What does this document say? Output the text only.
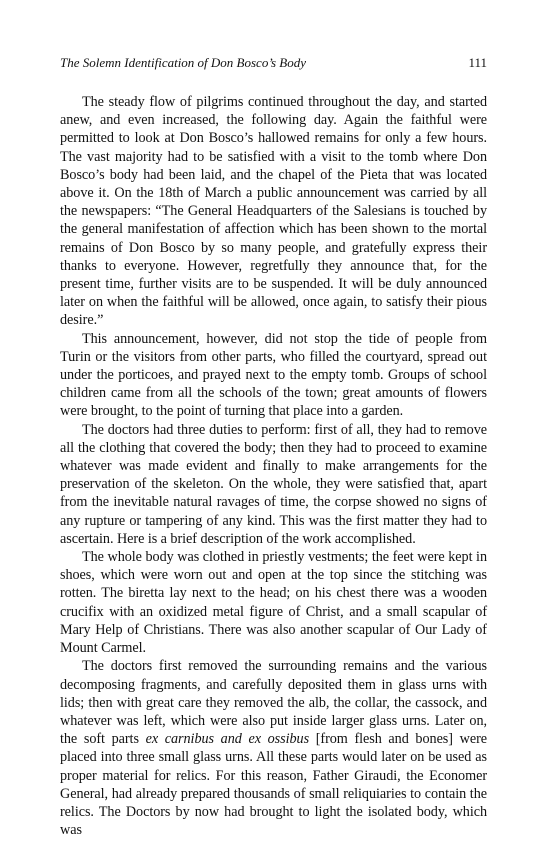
The Solemn Identification of Don Bosco’s Body	111

The steady flow of pilgrims continued throughout the day, and started anew, and even increased, the following day. Again the faithful were permitted to look at Don Bosco’s hallowed remains for only a few hours. The vast majority had to be satisfied with a visit to the tomb where Don Bosco’s body had been laid, and the chapel of the Pieta that was located above it. On the 18th of March a public announcement was carried by all the newspapers: “The General Headquarters of the Salesians is touched by the general manifestation of affection which has been shown to the mortal remains of Don Bosco by so many people, and gratefully express their thanks to everyone. However, regretfully they announce that, for the present time, further visits are to be suspended. It will be duly announced later on when the faithful will be allowed, once again, to satisfy their pious desire.”

This announcement, however, did not stop the tide of people from Turin or the visitors from other parts, who filled the courtyard, spread out under the porticoes, and prayed next to the empty tomb. Groups of school children came from all the schools of the town; great amounts of flowers were brought, to the point of turning that place into a garden.

The doctors had three duties to perform: first of all, they had to remove all the clothing that covered the body; then they had to proceed to examine whatever was made evident and finally to make arrangements for the preservation of the skeleton. On the whole, they were satisfied that, apart from the inevitable natural ravages of time, the corpse showed no signs of any rupture or tampering of any kind. This was the first matter they had to ascertain. Here is a brief description of the work accomplished.

The whole body was clothed in priestly vestments; the feet were kept in shoes, which were worn out and open at the top since the stitching was rotten. The biretta lay next to the head; on his chest there was a wooden crucifix with an oxidized metal figure of Christ, and a small scapular of Mary Help of Christians. There was also another scapular of Our Lady of Mount Carmel.

The doctors first removed the surrounding remains and the various decomposing fragments, and carefully deposited them in glass urns with lids; then with great care they removed the alb, the collar, the cassock, and whatever was left, which were also put inside larger glass urns. Later on, the soft parts ex carnibus and ex ossibus [from flesh and bones] were placed into three small glass urns. All these parts would later on be used as proper material for relics. For this reason, Father Giraudi, the Economer General, had already prepared thousands of small reliquiaries to contain the relics. The Doctors by now had brought to light the isolated body, which was
